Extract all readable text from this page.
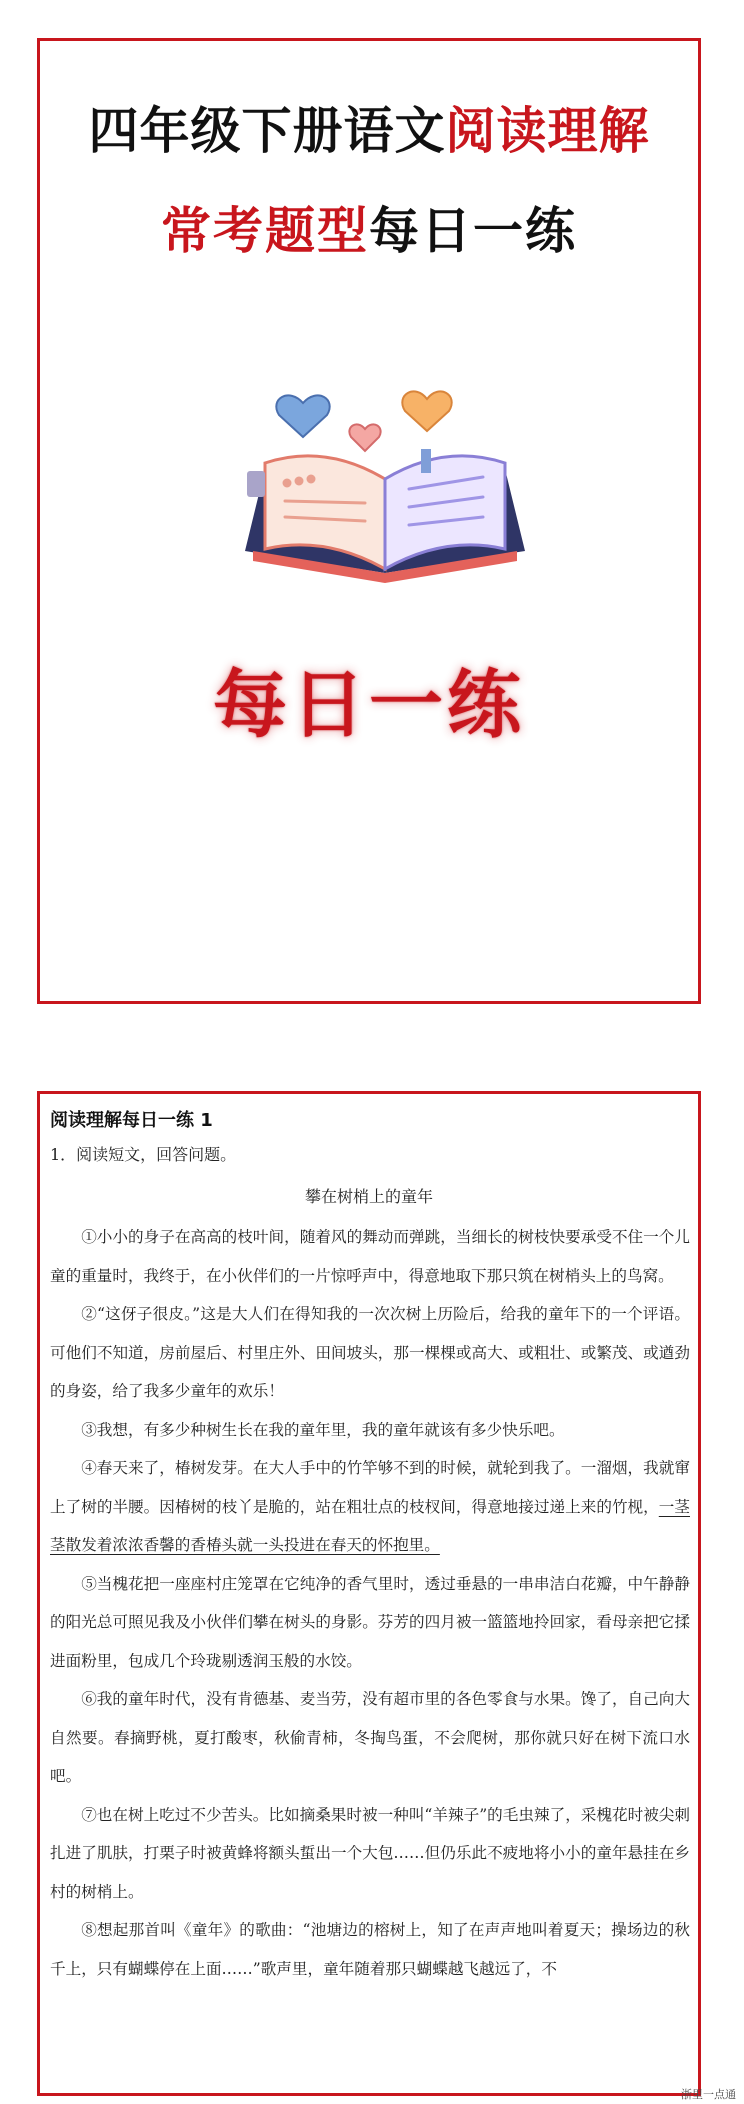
四年级下册语文阅读理解
常考题型每日一练
每日一练
阅读理解每日一练 1
1．阅读短文，回答问题。
攀在树梢上的童年

①小小的身子在高高的枝叶间，随着风的舞动而弹跳，当细长的树枝快要承受不住一个儿童的重量时，我终于，在小伙伴们的一片惊呼声中，得意地取下那只筑在树梢头上的鸟窝。

②“这伢子很皮。”这是大人们在得知我的一次次树上历险后，给我的童年下的一个评语。可他们不知道，房前屋后、村里庄外、田间坡头，那一棵棵或高大、或粗壮、或繁茂、或遒劲的身姿，给了我多少童年的欢乐！

③我想，有多少种树生长在我的童年里，我的童年就该有多少快乐吧。

④春天来了，椿树发芽。在大人手中的竹竿够不到的时候，就轮到我了。一溜烟，我就窜上了树的半腰。因椿树的枝丫是脆的，站在粗壮点的枝杈间，得意地接过递上来的竹枧，一茎茎散发着浓浓香馨的香椿头就一头投进在春天的怀抱里。

⑤当槐花把一座座村庄笼罩在它纯净的香气里时，透过垂悬的一串串洁白花瓣，中午静静的阳光总可照见我及小伙伴们攀在树头的身影。芬芳的四月被一篮篮地拎回家，看母亲把它揉进面粉里，包成几个玲珑剔透润玉般的水饺。

⑥我的童年时代，没有肯德基、麦当劳，没有超市里的各色零食与水果。馋了，自己向大自然要。春摘野桃，夏打酸枣，秋偷青柿，冬掏鸟蛋，不会爬树，那你就只好在树下流口水吧。

⑦也在树上吃过不少苦头。比如摘桑果时被一种叫“羊辣子”的毛虫辣了，采槐花时被尖刺扎进了肌肤，打栗子时被黄蜂将额头蜇出一个大包……但仍乐此不疲地将小小的童年悬挂在乡村的树梢上。

⑧想起那首叫《童年》的歌曲：“池塘边的榕树上，知了在声声地叫着夏天；操场边的秋千上，只有蝴蝶停在上面……”歌声里，童年随着那只蝴蝶越飞越远了，不

浙里一点通
